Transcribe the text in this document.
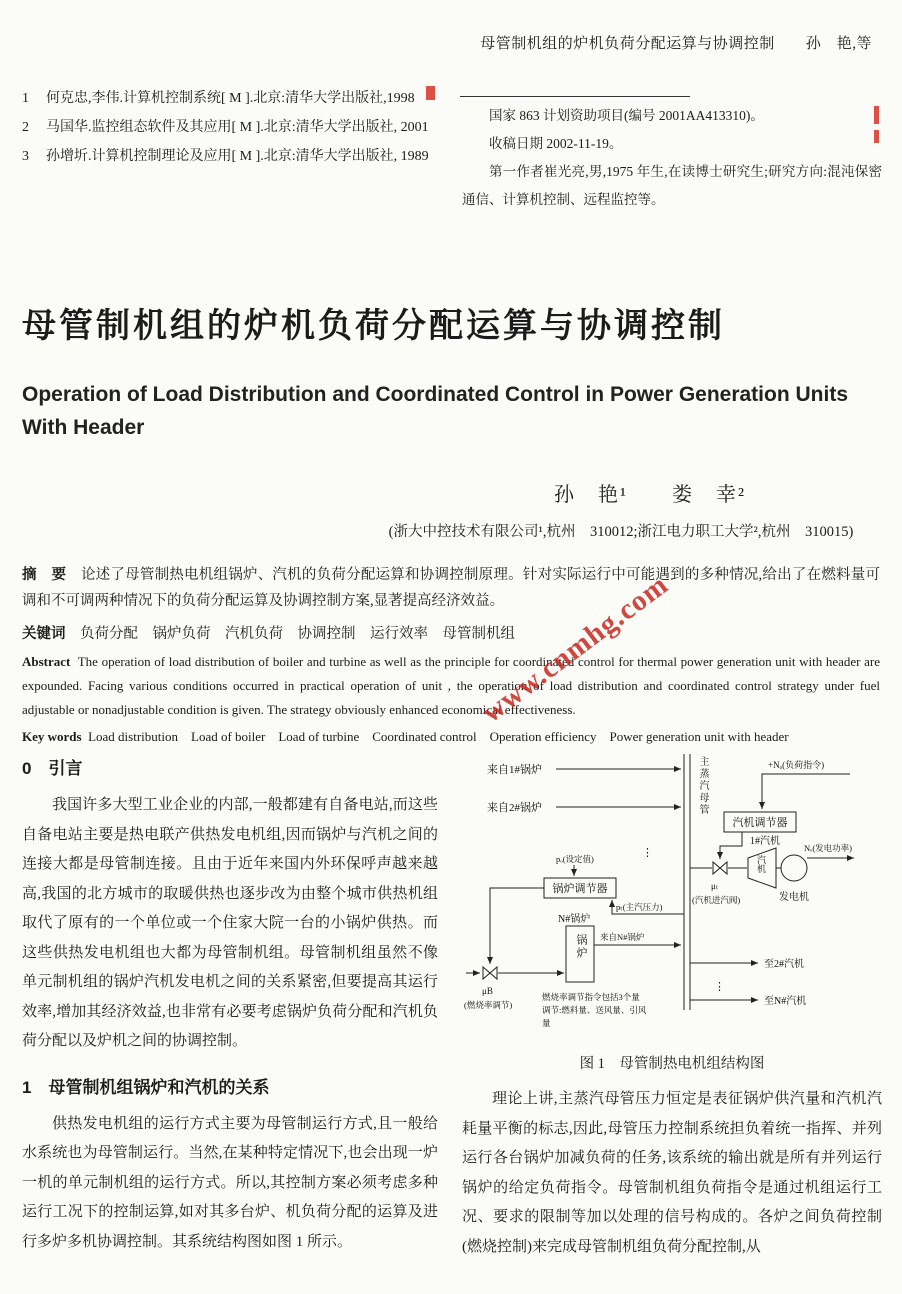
母管制机组的炉机负荷分配运算与协调控制　　孙　艳,等
1	何克忠,李伟.计算机控制系统[ M ].北京:清华大学出版社,1998
2	马国华.监控组态软件及其应用[ M ].北京:清华大学出版社, 2001
3	孙增圻.计算机控制理论及应用[ M ].北京:清华大学出版社, 1989

国家 863 计划资助项目(编号 2001AA413310)。

收稿日期 2002-11-19。

第一作者崔光亮,男,1975 年生,在读博士研究生;研究方向:混沌保密通信、计算机控制、远程监控等。

母管制机组的炉机负荷分配运算与协调控制
Operation of Load Distribution and Coordinated Control in Power Generation Units With Header
孙　艳¹　　娄　幸²
(浙大中控技术有限公司¹,杭州　310012;浙江电力职工大学²,杭州　310015)

摘　要　 论述了母管制热电机组锅炉、汽机的负荷分配运算和协调控制原理。针对实际运行中可能遇到的多种情况,给出了在燃料量可调和不可调两种情况下的负荷分配运算及协调控制方案,显著提高经济效益。

关键词　 负荷分配　锅炉负荷　汽机负荷　协调控制　运行效率　母管制机组

Abstract The operation of load distribution of boiler and turbine as well as the principle for coordinated control for thermal power generation unit with header are expounded. Facing various conditions occurred in practical operation of unit , the operation of load distribution and coordinated control strategy under fuel adjustable or nonadjustable condition is given. The strategy obviously enhanced economical effectiveness.

Key words Load distribution　Load of boiler　Load of turbine　Coordinated control　Operation efficiency　Power generation unit with header

0　引言

我国许多大型工业企业的内部,一般都建有自备电站,而这些自备电站主要是热电联产供热发电机组,因而锅炉与汽机之间的连接大都是母管制连接。且由于近年来国内外环保呼声越来越高,我国的北方城市的取暖供热也逐步改为由整个城市供热机组取代了原有的一个单位或一个住家大院一台的小锅炉供热。而这些供热发电机组也大都为母管制机组。母管制机组虽然不像单元制机组的锅炉汽机发电机之间的关系紧密,但要提高其运行效率,增加其经济效益,也非常有必要考虑锅炉负荷分配和汽机负荷分配以及炉机之间的协调控制。

1　母管制机组锅炉和汽机的关系

供热发电机组的运行方式主要为母管制运行方式,且一般给水系统也为母管制运行。当然,在某种特定情况下,也会出现一炉一机的单元制机组的运行方式。所以,其控制方案必须考虑多种运行工况下的控制运算,如对其多台炉、机负荷分配的运算及进行多炉多机协调控制。其系统结构图如图 1 所示。

来自1#锅炉
来自2#锅炉
⋮
汽机调节器
+Nₒ(负荷指令)
1#汽机
发电机
μₜ
(汽机进汽阀)
Nₑ(发电功率)
pₒ(设定值)
锅炉调节器
pₜ(主汽压力)
μB
(燃烧率调节)
N#锅炉
来自N#锅炉
燃烧率调节指令包括3个量
调节:燃料量、送风量、引风
量
至2#汽机
⋮
至N#汽机
主蒸汽母管
锅炉
汽机
图 1　母管制热电机组结构图

理论上讲,主蒸汽母管压力恒定是表征锅炉供汽量和汽机汽耗量平衡的标志,因此,母管压力控制系统担负着统一指挥、并列运行各台锅炉加减负荷的任务,该系统的输出就是所有并列运行锅炉的给定负荷指令。母管制机组负荷指令是通过机组运行工况、要求的限制等加以处理的信号构成的。各炉之间负荷控制(燃烧控制)来完成母管制机组负荷分配控制,从

www.cnmhg.com
